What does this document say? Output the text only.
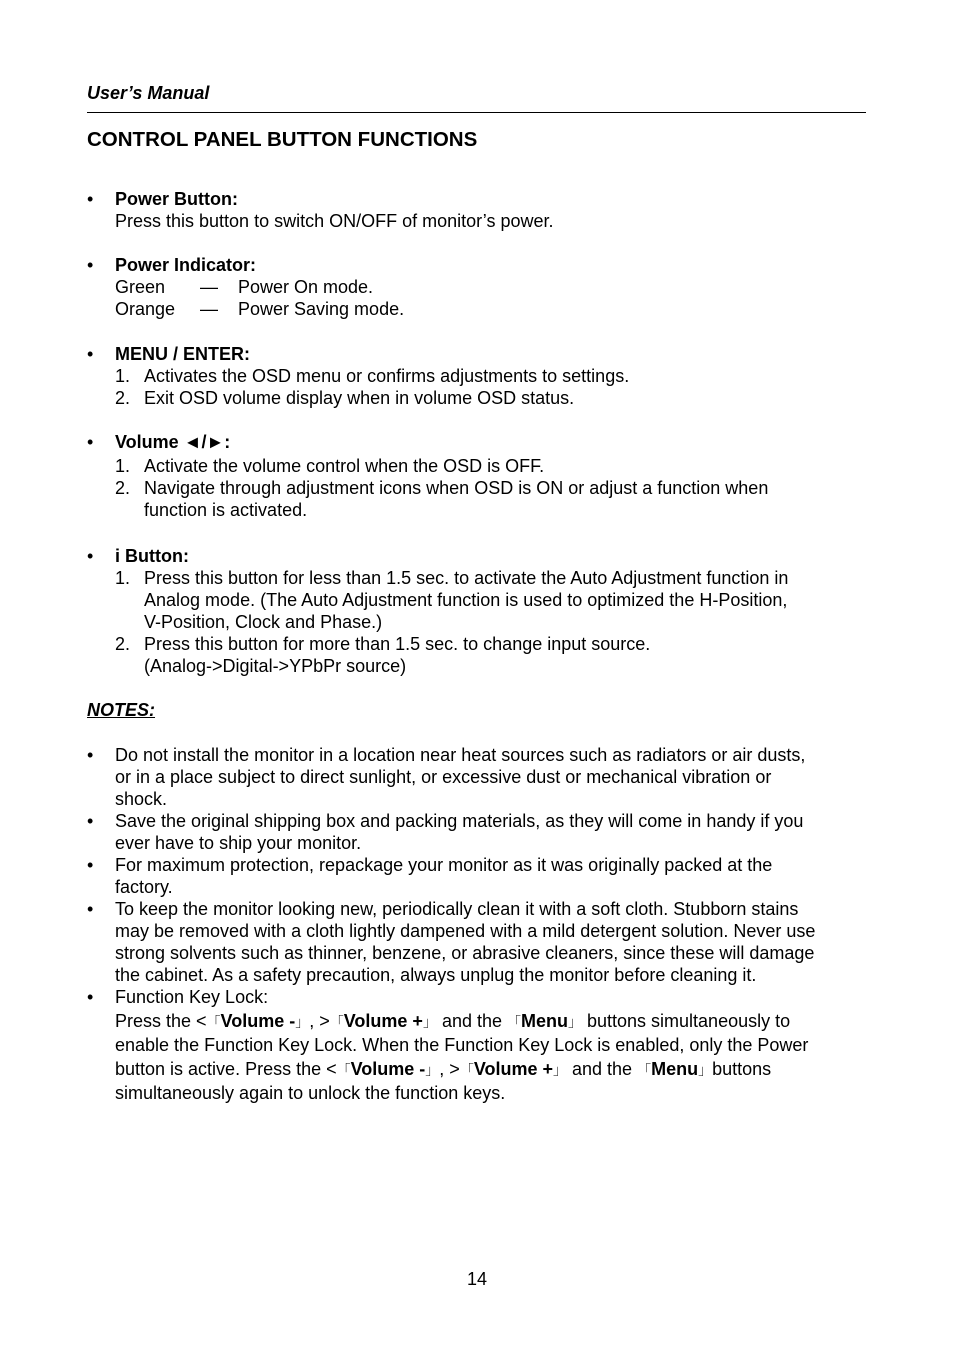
User’s Manual
CONTROL PANEL BUTTON FUNCTIONS
•	Power Button:
Press this button to switch ON/OFF of monitor’s power.
•	Power Indicator:
Green — Power On mode.
Orange — Power Saving mode.
•	MENU / ENTER:
1. Activates the OSD menu or confirms adjustments to settings.
2. Exit OSD volume display when in volume OSD status.
•	Volume ◄/►:
1. Activate the volume control when the OSD is OFF.
2. Navigate through adjustment icons when OSD is ON or adjust a function when
function is activated.
•	i Button:
1. Press this button for less than 1.5 sec. to activate the Auto Adjustment function in
Analog mode. (The Auto Adjustment function is used to optimized the H-Position,
V-Position, Clock and Phase.)
2. Press this button for more than 1.5 sec. to change input source.
(Analog->Digital->YPbPr source)
NOTES:
•	Do not install the monitor in a location near heat sources such as radiators or air dusts,
or in a place subject to direct sunlight, or excessive dust or mechanical vibration or
shock.
•	Save the original shipping box and packing materials, as they will come in handy if you
ever have to ship your monitor.
•	For maximum protection, repackage your monitor as it was originally packed at the
factory.
•	To keep the monitor looking new, periodically clean it with a soft cloth. Stubborn stains
may be removed with a cloth lightly dampened with a mild detergent solution. Never use
strong solvents such as thinner, benzene, or abrasive cleaners, since these will damage
the cabinet. As a safety precaution, always unplug the monitor before cleaning it.
•	Function Key Lock:
Press the <「Volume -」, >「Volume +」 and the 「Menu」 buttons simultaneously to
enable the Function Key Lock. When the Function Key Lock is enabled, only the Power
button is active. Press the <「Volume -」, >「Volume +」 and the 「Menu」buttons
simultaneously again to unlock the function keys.
14
